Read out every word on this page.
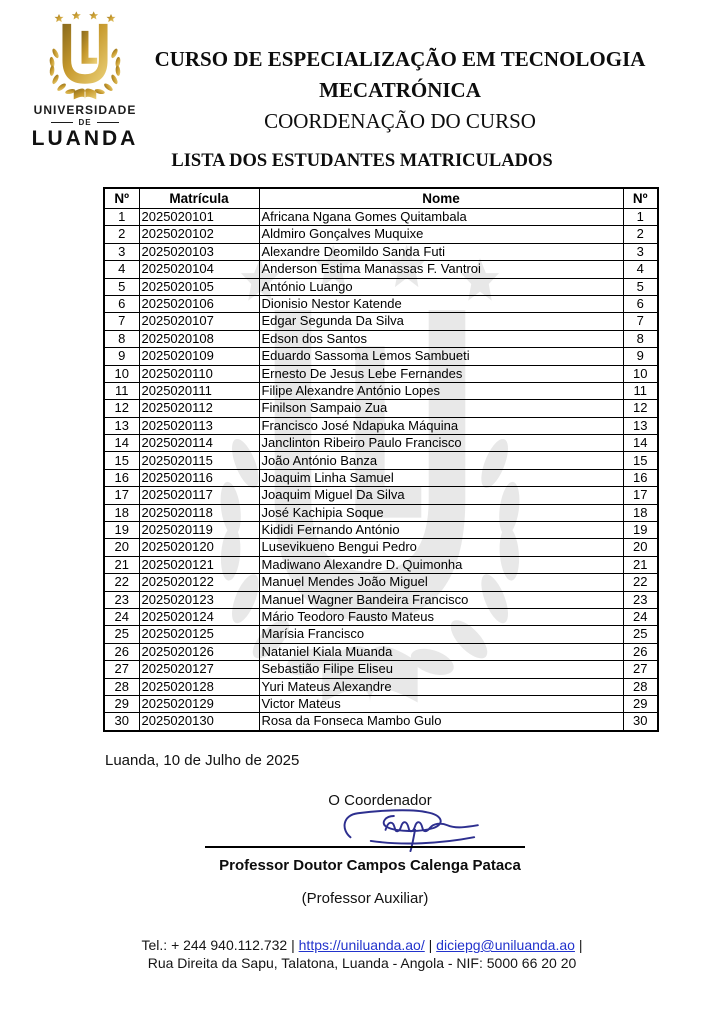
UNIVERSIDADE
DE
LUANDA
CURSO DE ESPECIALIZAÇÃO EM TECNOLOGIA
MECATRÓNICA
COORDENAÇÃO DO CURSO
LISTA DOS ESTUDANTES MATRICULADOS
Nº	Matrícula	Nome	Nº
1	2025020101	Africana Ngana Gomes Quitambala	1
2	2025020102	Aldmiro Gonçalves Muquixe	2
3	2025020103	Alexandre Deomildo Sanda Futi	3
4	2025020104	Anderson Estima Manassas F. Vantroi	4
5	2025020105	António Luango	5
6	2025020106	Dionisio Nestor Katende	6
7	2025020107	Edgar Segunda Da Silva	7
8	2025020108	Edson dos Santos	8
9	2025020109	Eduardo Sassoma Lemos Sambueti	9
10	2025020110	Ernesto De Jesus Lebe Fernandes	10
11	2025020111	Filipe Alexandre António Lopes	11
12	2025020112	Finilson Sampaio Zua	12
13	2025020113	Francisco José Ndapuka Máquina	13
14	2025020114	Janclinton Ribeiro Paulo Francisco	14
15	2025020115	João António Banza	15
16	2025020116	Joaquim Linha Samuel	16
17	2025020117	Joaquim Miguel Da Silva	17
18	2025020118	José Kachipia Soque	18
19	2025020119	Kididi Fernando António	19
20	2025020120	Lusevikueno Bengui Pedro	20
21	2025020121	Madiwano Alexandre D. Quimonha	21
22	2025020122	Manuel Mendes João Miguel	22
23	2025020123	Manuel Wagner Bandeira Francisco	23
24	2025020124	Mário Teodoro Fausto Mateus	24
25	2025020125	Marísia Francisco	25
26	2025020126	Nataniel Kiala Muanda	26
27	2025020127	Sebastião Filipe Eliseu	27
28	2025020128	Yuri Mateus Alexandre	28
29	2025020129	Victor Mateus	29
30	2025020130	Rosa da Fonseca Mambo Gulo	30
Luanda, 10 de Julho de 2025
O Coordenador
Professor Doutor Campos Calenga Pataca
(Professor Auxiliar)
Tel.: + 244 940.112.732 | https://uniluanda.ao/ | diciepg@uniluanda.ao |
Rua Direita da Sapu, Talatona, Luanda - Angola - NIF: 5000 66 20 20
